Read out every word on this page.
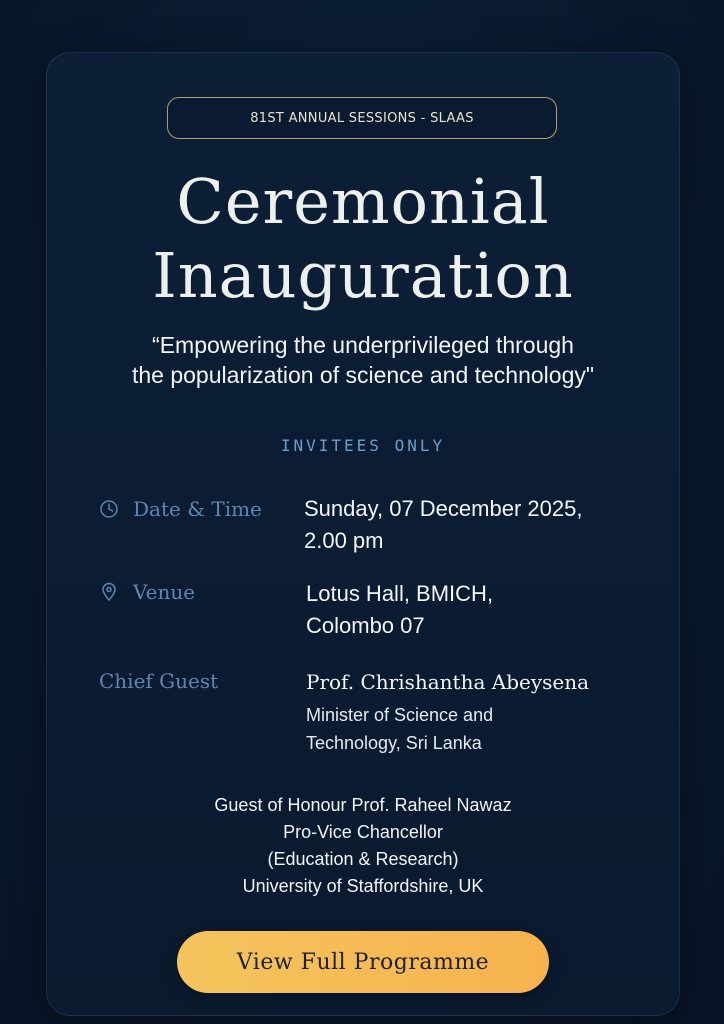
81ST ANNUAL SESSIONS - SLAAS
Ceremonial
Inauguration
“Empowering the underprivileged through
the popularization of science and technology"
INVITEES ONLY
Date & Time Sunday, 07 December 2025,
2.00 pm
Venue	Lotus Hall, BMICH,
Colombo 07
Chief Guest	Prof. Chrishantha Abeysena
Minister of Science and
Technology, Sri Lanka
Guest of Honour Prof. Raheel Nawaz
Pro-Vice Chancellor
(Education & Research)
University of Staffordshire, UK
View Full Programme
